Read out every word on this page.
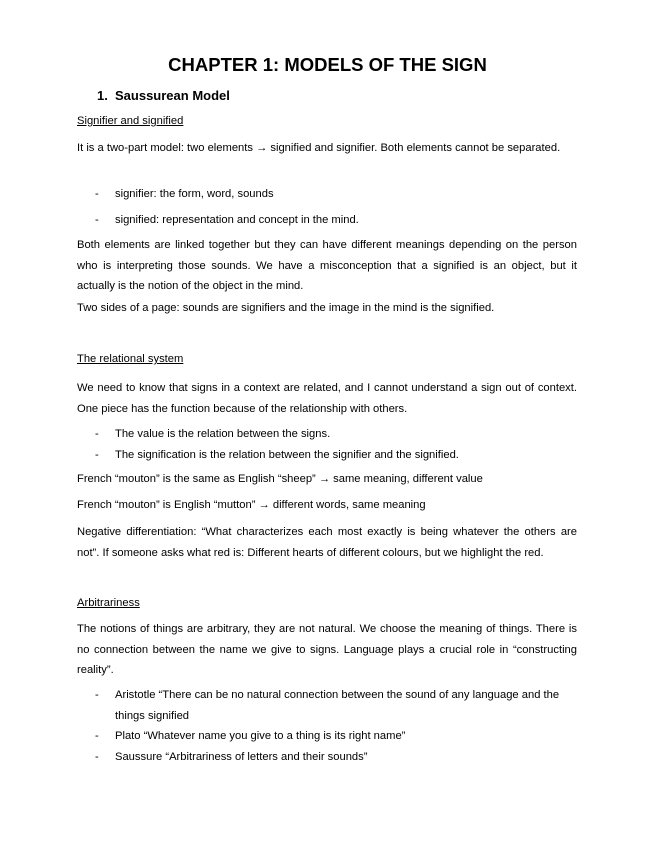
CHAPTER 1: MODELS OF THE SIGN
1. Saussurean Model
Signifier and signified
It is a two-part model: two elements → signified and signifier. Both elements cannot be separated.
- signifier: the form, word, sounds
- signified: representation and concept in the mind.
Both elements are linked together but they can have different meanings depending on the person who is interpreting those sounds. We have a misconception that a signified is an object, but it actually is the notion of the object in the mind.
Two sides of a page: sounds are signifiers and the image in the mind is the signified.
The relational system
We need to know that signs in a context are related, and I cannot understand a sign out of context. One piece has the function because of the relationship with others.
- The value is the relation between the signs.
- The signification is the relation between the signifier and the signified.
French “mouton” is the same as English “sheep” → same meaning, different value
French “mouton” is English “mutton” → different words, same meaning
Negative differentiation: “What characterizes each most exactly is being whatever the others are not”. If someone asks what red is: Different hearts of different colours, but we highlight the red.
Arbitrariness
The notions of things are arbitrary, they are not natural. We choose the meaning of things. There is no connection between the name we give to signs. Language plays a crucial role in “constructing reality”.
- Aristotle “There can be no natural connection between the sound of any language and the things signified
- Plato “Whatever name you give to a thing is its right name”
- Saussure “Arbitrariness of letters and their sounds”
